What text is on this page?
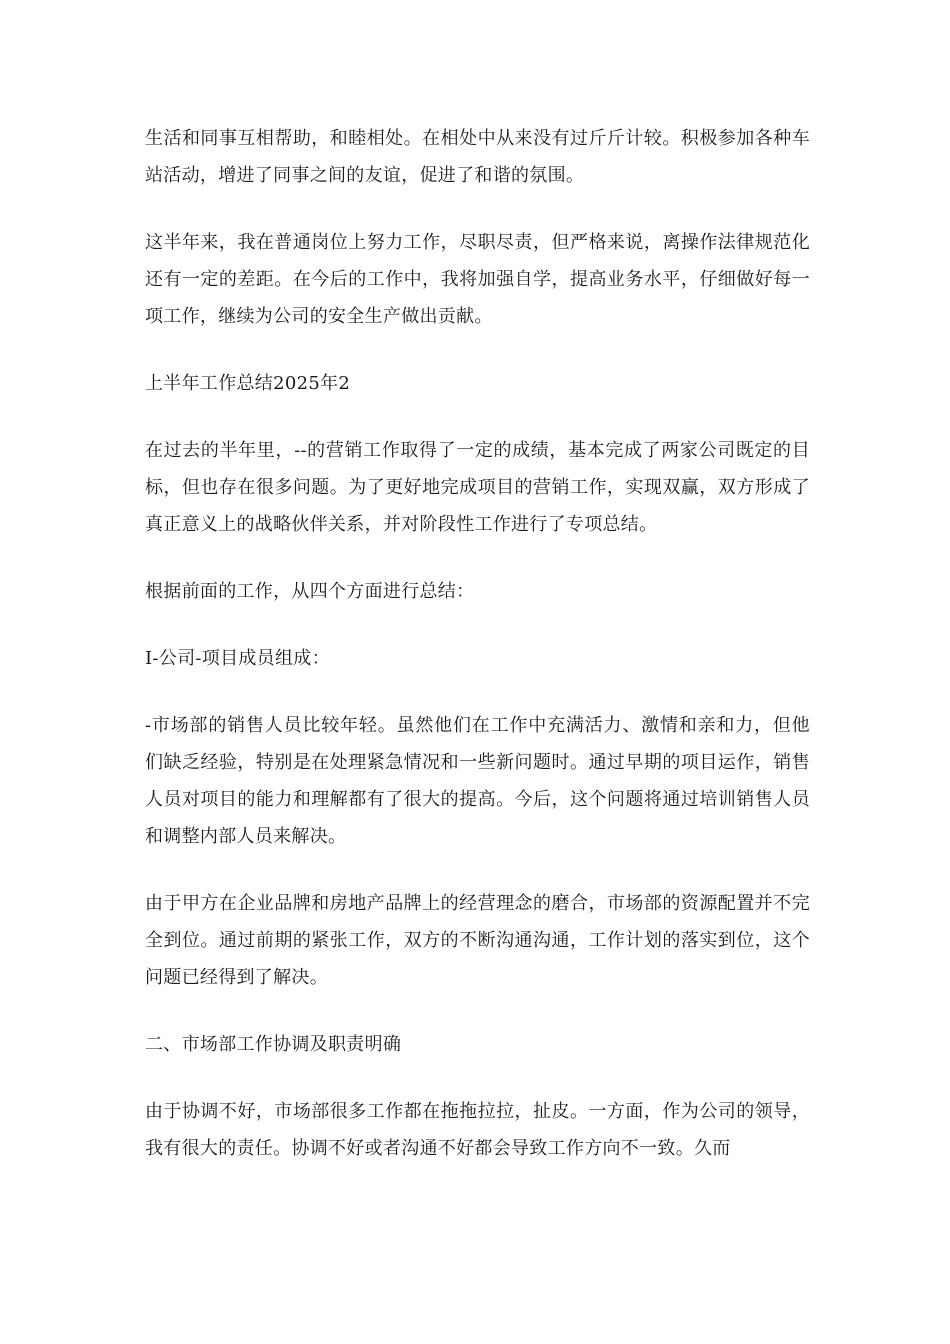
生活和同事互相帮助，和睦相处。在相处中从来没有过斤斤计较。积极参加各种车站活动，增进了同事之间的友谊，促进了和谐的氛围。

这半年来，我在普通岗位上努力工作，尽职尽责，但严格来说，离操作法律规范化还有一定的差距。在今后的工作中，我将加强自学，提高业务水平，仔细做好每一项工作，继续为公司的安全生产做出贡献。

上半年工作总结2025年2

在过去的半年里，--的营销工作取得了一定的成绩，基本完成了两家公司既定的目标，但也存在很多问题。为了更好地完成项目的营销工作，实现双赢，双方形成了真正意义上的战略伙伴关系，并对阶段性工作进行了专项总结。

根据前面的工作，从四个方面进行总结：

I-公司-项目成员组成：

-市场部的销售人员比较年轻。虽然他们在工作中充满活力、激情和亲和力，但他们缺乏经验，特别是在处理紧急情况和一些新问题时。通过早期的项目运作，销售人员对项目的能力和理解都有了很大的提高。今后，这个问题将通过培训销售人员和调整内部人员来解决。

由于甲方在企业品牌和房地产品牌上的经营理念的磨合，市场部的资源配置并不完全到位。通过前期的紧张工作，双方的不断沟通沟通，工作计划的落实到位，这个问题已经得到了解决。

二、市场部工作协调及职责明确

由于协调不好，市场部很多工作都在拖拖拉拉，扯皮。一方面，作为公司的领导，我有很大的责任。协调不好或者沟通不好都会导致工作方向不一致。久而
